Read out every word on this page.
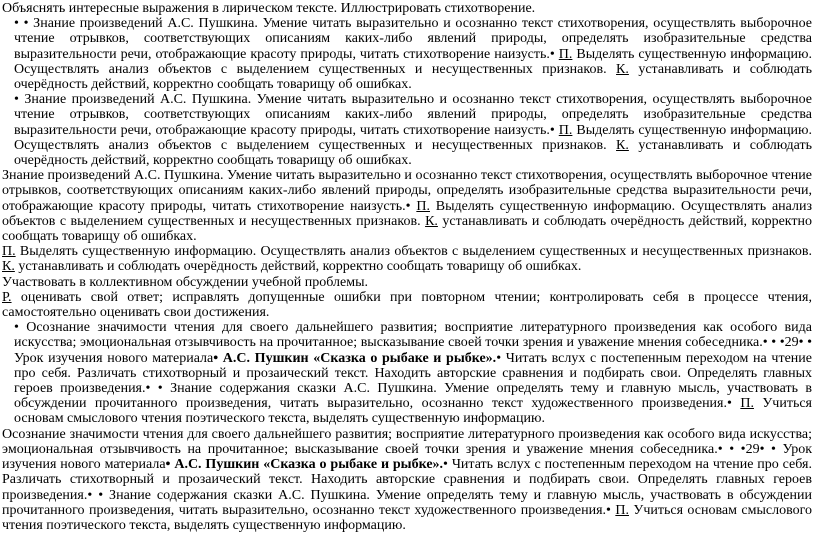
Объяснять интересные выражения в лирическом тексте. Иллюстрировать стихотворение.

• • Знание произведений А.С. Пушкина. Умение читать выразительно и осознанно текст стихотворения, осуществлять выборочное чтение отрывков, соответствующих описаниям каких-либо явлений природы, определять изобразительные средства выразительности речи, отображающие красоту природы, читать стихотворение наизусть.• П. Выделять существенную информацию. Осуществлять анализ объектов с выделением существенных и несущественных признаков. К. устанавливать и соблюдать очерёдность действий, корректно сообщать товарищу об ошибках.

• Знание произведений А.С. Пушкина. Умение читать выразительно и осознанно текст стихотворения, осуществлять выборочное чтение отрывков, соответствующих описаниям каких-либо явлений природы, определять изобразительные средства выразительности речи, отображающие красоту природы, читать стихотворение наизусть.• П. Выделять существенную информацию. Осуществлять анализ объектов с выделением существенных и несущественных признаков. К. устанавливать и соблюдать очерёдность действий, корректно сообщать товарищу об ошибках.

Знание произведений А.С. Пушкина. Умение читать выразительно и осознанно текст стихотворения, осуществлять выборочное чтение отрывков, соответствующих описаниям каких-либо явлений природы, определять изобразительные средства выразительности речи, отображающие красоту природы, читать стихотворение наизусть.• П. Выделять существенную информацию. Осуществлять анализ объектов с выделением существенных и несущественных признаков. К. устанавливать и соблюдать очерёдность действий, корректно сообщать товарищу об ошибках.

П. Выделять существенную информацию. Осуществлять анализ объектов с выделением существенных и несущественных признаков. К. устанавливать и соблюдать очерёдность действий, корректно сообщать товарищу об ошибках.

Участвовать в коллективном обсуждении учебной проблемы.

Р. оценивать свой ответ; исправлять допущенные ошибки при повторном чтении; контролировать себя в процессе чтения, самостоятельно оценивать свои достижения.

• Осознание значимости чтения для своего дальнейшего развития; восприятие литературного произведения как особого вида искусства; эмоциональная отзывчивость на прочитанное; высказывание своей точки зрения и уважение мнения собеседника.• • •29• • Урок изучения нового материала• А.С. Пушкин «Сказка о рыбаке и рыбке».• Читать вслух с постепенным переходом на чтение про себя. Различать стихотворный и прозаический текст. Находить авторские сравнения и подбирать свои. Определять главных героев произведения.• • Знание содержания сказки А.С. Пушкина. Умение определять тему и главную мысль, участвовать в обсуждении прочитанного произведения, читать выразительно, осознанно текст художественного произведения.• П. Учиться основам смыслового чтения поэтического текста, выделять существенную информацию.

Осознание значимости чтения для своего дальнейшего развития; восприятие литературного произведения как особого вида искусства; эмоциональная отзывчивость на прочитанное; высказывание своей точки зрения и уважение мнения собеседника.• • •29• • Урок изучения нового материала• А.С. Пушкин «Сказка о рыбаке и рыбке».• Читать вслух с постепенным переходом на чтение про себя. Различать стихотворный и прозаический текст. Находить авторские сравнения и подбирать свои. Определять главных героев произведения.• • Знание содержания сказки А.С. Пушкина. Умение определять тему и главную мысль, участвовать в обсуждении прочитанного произведения, читать выразительно, осознанно текст художественного произведения.• П. Учиться основам смыслового чтения поэтического текста, выделять существенную информацию.
